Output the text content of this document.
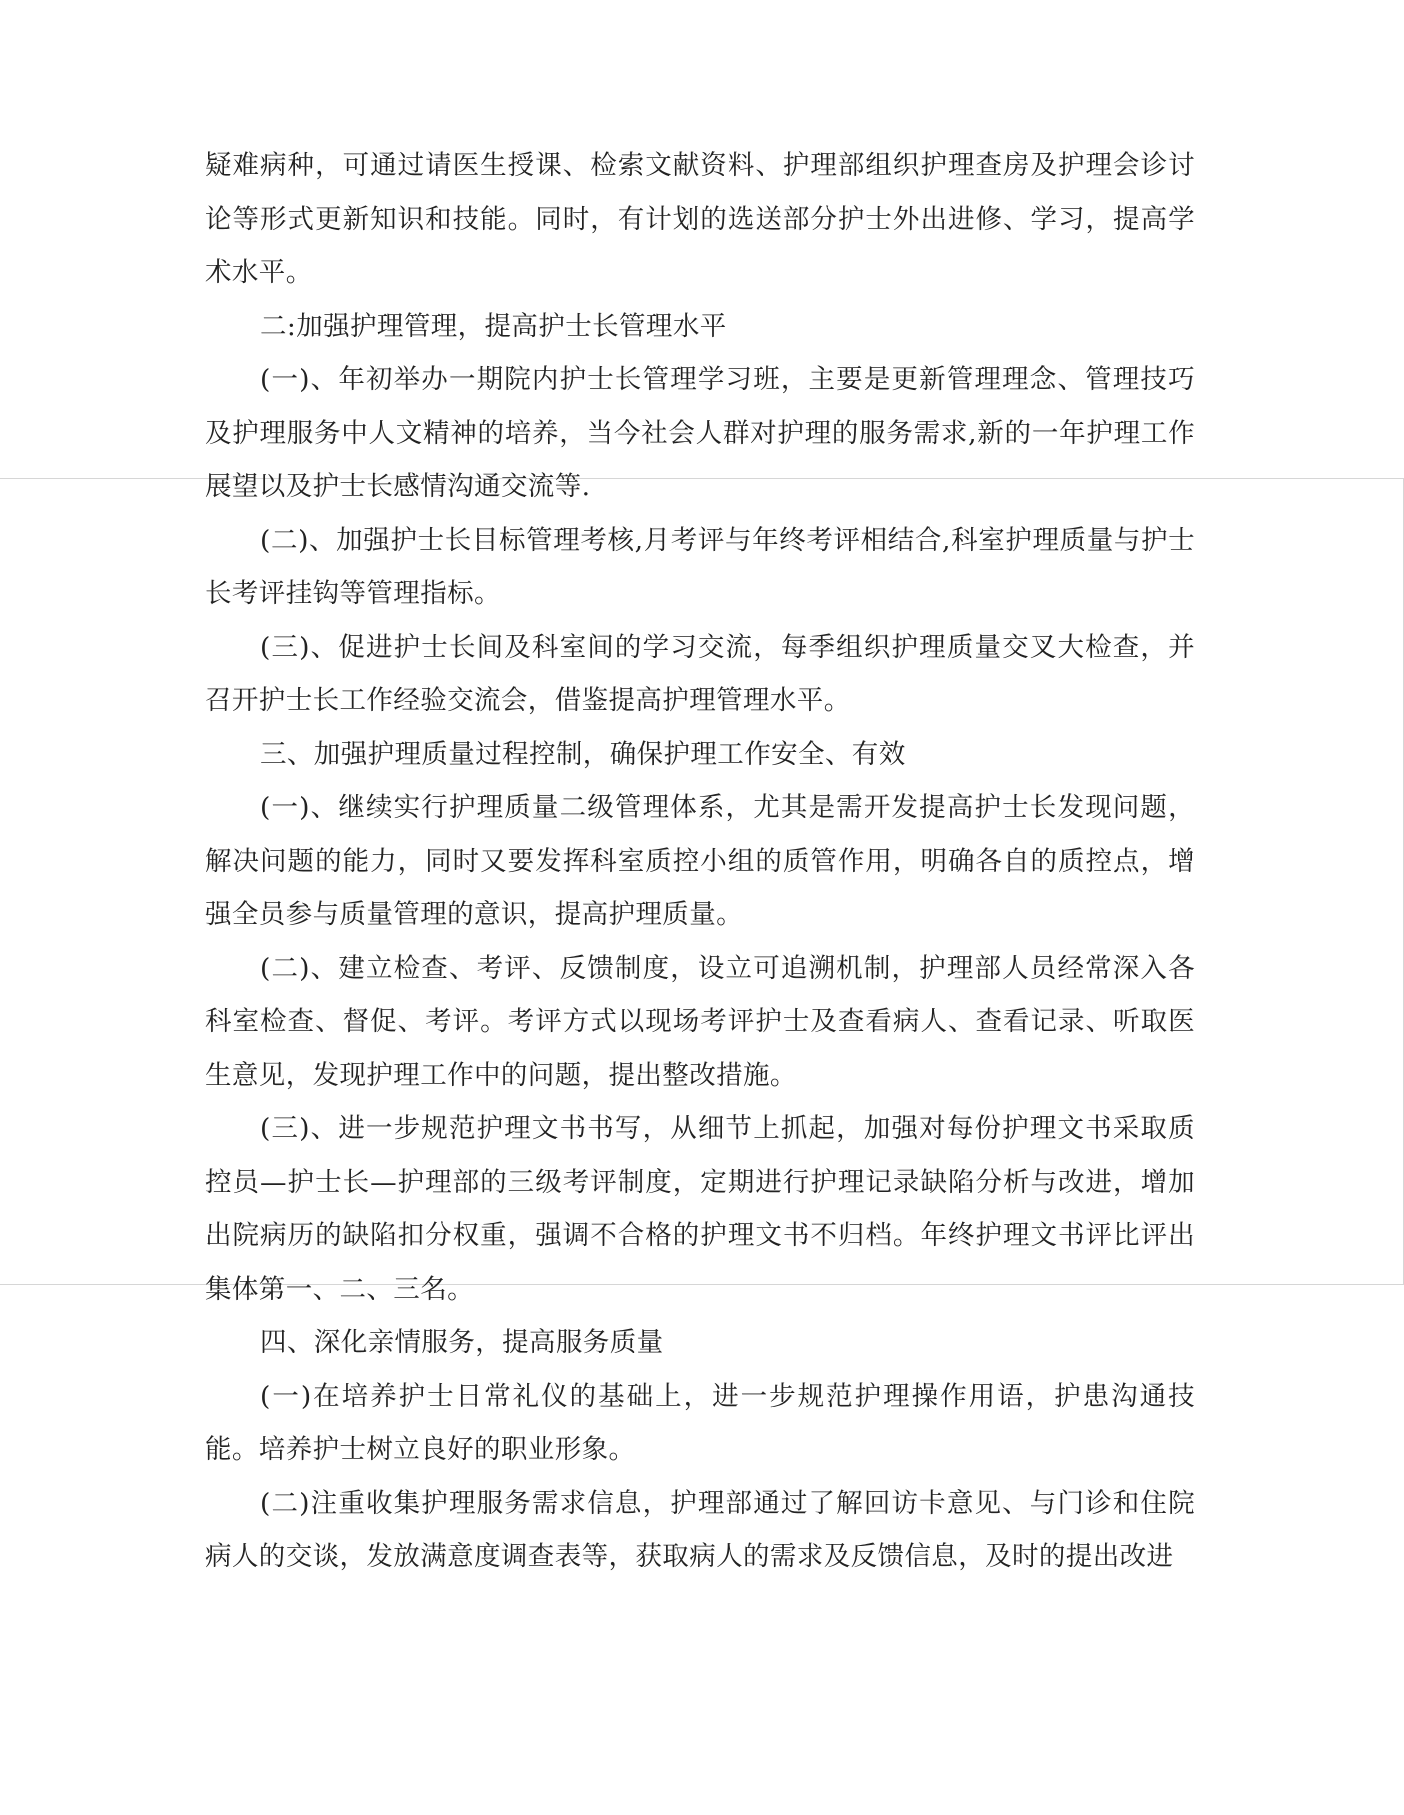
疑难病种，可通过请医生授课、检索文献资料、护理部组织护理查房及护理会诊讨论等形式更新知识和技能。同时，有计划的选送部分护士外出进修、学习，提高学术水平。

二:加强护理管理，提高护士长管理水平

(一)、年初举办一期院内护士长管理学习班，主要是更新管理理念、管理技巧及护理服务中人文精神的培养，当今社会人群对护理的服务需求,新的一年护理工作展望以及护士长感情沟通交流等.

(二)、加强护士长目标管理考核,月考评与年终考评相结合,科室护理质量与护士长考评挂钩等管理指标。

(三)、促进护士长间及科室间的学习交流，每季组织护理质量交叉大检查，并召开护士长工作经验交流会，借鉴提高护理管理水平。

三、加强护理质量过程控制，确保护理工作安全、有效

(一)、继续实行护理质量二级管理体系，尤其是需开发提高护士长发现问题，解决问题的能力，同时又要发挥科室质控小组的质管作用，明确各自的质控点，增强全员参与质量管理的意识，提高护理质量。

(二)、建立检查、考评、反馈制度，设立可追溯机制，护理部人员经常深入各科室检查、督促、考评。考评方式以现场考评护士及查看病人、查看记录、听取医生意见，发现护理工作中的问题，提出整改措施。

(三)、进一步规范护理文书书写，从细节上抓起，加强对每份护理文书采取质控员—护士长—护理部的三级考评制度，定期进行护理记录缺陷分析与改进，增加出院病历的缺陷扣分权重，强调不合格的护理文书不归档。年终护理文书评比评出集体第一、二、三名。

四、深化亲情服务，提高服务质量

(一)在培养护士日常礼仪的基础上，进一步规范护理操作用语，护患沟通技能。培养护士树立良好的职业形象。

(二)注重收集护理服务需求信息，护理部通过了解回访卡意见、与门诊和住院病人的交谈，发放满意度调查表等，获取病人的需求及反馈信息，及时的提出改进
